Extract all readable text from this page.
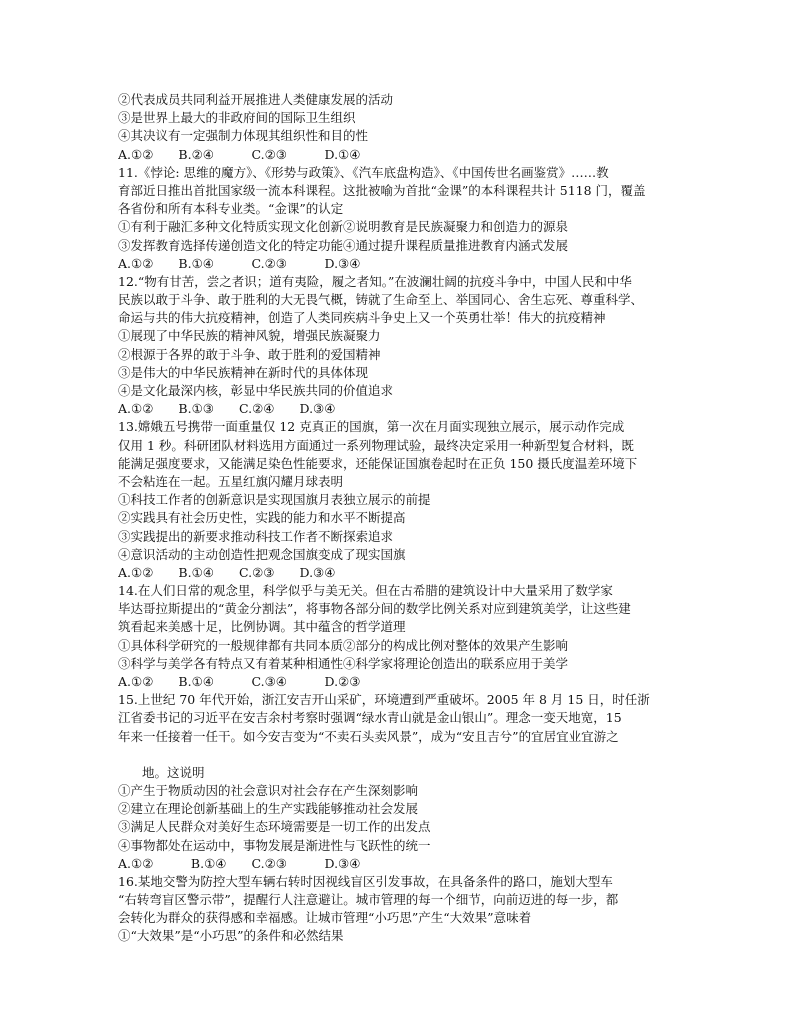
②代表成员共同利益开展推进人类健康发展的活动
③是世界上最大的非政府间的国际卫生组织
④其决议有一定强制力体现其组织性和目的性
A.①②　　B.②④　　　C.②③　　　D.①④
11.《悖论: 思维的魔方》、《形势与政策》、《汽车底盘构造》、《中国传世名画鉴赏》……教
育部近日推出首批国家级一流本科课程。这批被喻为首批“金课”的本科课程共计 5118 门，覆盖
各省份和所有本科专业类。“金课”的认定
①有利于融汇多种文化特质实现文化创新②说明教育是民族凝聚力和创造力的源泉
③发挥教育选择传递创造文化的特定功能④通过提升课程质量推进教育内涵式发展
A.①②　　B.①④　　　C.②③　　　D.③④
12.“物有甘苦，尝之者识；道有夷险，履之者知。”在波澜壮阔的抗疫斗争中，中国人民和中华
民族以敢于斗争、敢于胜利的大无畏气概，铸就了生命至上、举国同心、舍生忘死、尊重科学、
命运与共的伟大抗疫精神，创造了人类同疾病斗争史上又一个英勇壮举！伟大的抗疫精神
①展现了中华民族的精神风貌，增强民族凝聚力
②根源于各界的敢于斗争、敢于胜利的爱国精神
③是伟大的中华民族精神在新时代的具体体现
④是文化最深内核，彰显中华民族共同的价值追求
A.①②　　B.①③　　C.②④　　D.③④
13.嫦娥五号携带一面重量仅 12 克真正的国旗，第一次在月面实现独立展示，展示动作完成
仅用 1 秒。科研团队材料选用方面通过一系列物理试验，最终决定采用一种新型复合材料，既
能满足强度要求，又能满足染色性能要求，还能保证国旗卷起时在正负 150 摄氏度温差环境下
不会粘连在一起。五星红旗闪耀月球表明
①科技工作者的创新意识是实现国旗月表独立展示的前提
②实践具有社会历史性，实践的能力和水平不断提高
③实践提出的新要求推动科技工作者不断探索追求
④意识活动的主动创造性把观念国旗变成了现实国旗
A.①②　　B.①④　　C.②③　　D.③④
14.在人们日常的观念里，科学似乎与美无关。但在古希腊的建筑设计中大量采用了数学家
毕达哥拉斯提出的“黄金分割法”，将事物各部分间的数学比例关系对应到建筑美学，让这些建
筑看起来美感十足，比例协调。其中蕴含的哲学道理
①具体科学研究的一般规律都有共同本质②部分的构成比例对整体的效果产生影响
③科学与美学各有特点又有着某种相通性④科学家将理论创造出的联系应用于美学
A.①②　　B.①④　　　C.③④　　　D.②③
15.上世纪 70 年代开始，浙江安吉开山采矿，环境遭到严重破坏。2005 年 8 月 15 日，时任浙
江省委书记的习近平在安吉余村考察时强调“绿水青山就是金山银山”。理念一变天地宽，15
年来一任接着一任干。如今安吉变为“不卖石头卖风景”，成为“安且吉兮”的宜居宜业宜游之
地。这说明
①产生于物质动因的社会意识对社会存在产生深刻影响
②建立在理论创新基础上的生产实践能够推动社会发展
③满足人民群众对美好生态环境需要是一切工作的出发点
④事物都处在运动中，事物发展是渐进性与飞跃性的统一
A.①②　　　B.①④　　C.②③　　　D.③④
16.某地交警为防控大型车辆右转时因视线盲区引发事故，在具备条件的路口，施划大型车
“右转弯盲区警示带”，提醒行人注意避让。城市管理的每一个细节，向前迈进的每一步，都
会转化为群众的获得感和幸福感。让城市管理“小巧思”产生“大效果”意味着
①“大效果”是“小巧思”的条件和必然结果
